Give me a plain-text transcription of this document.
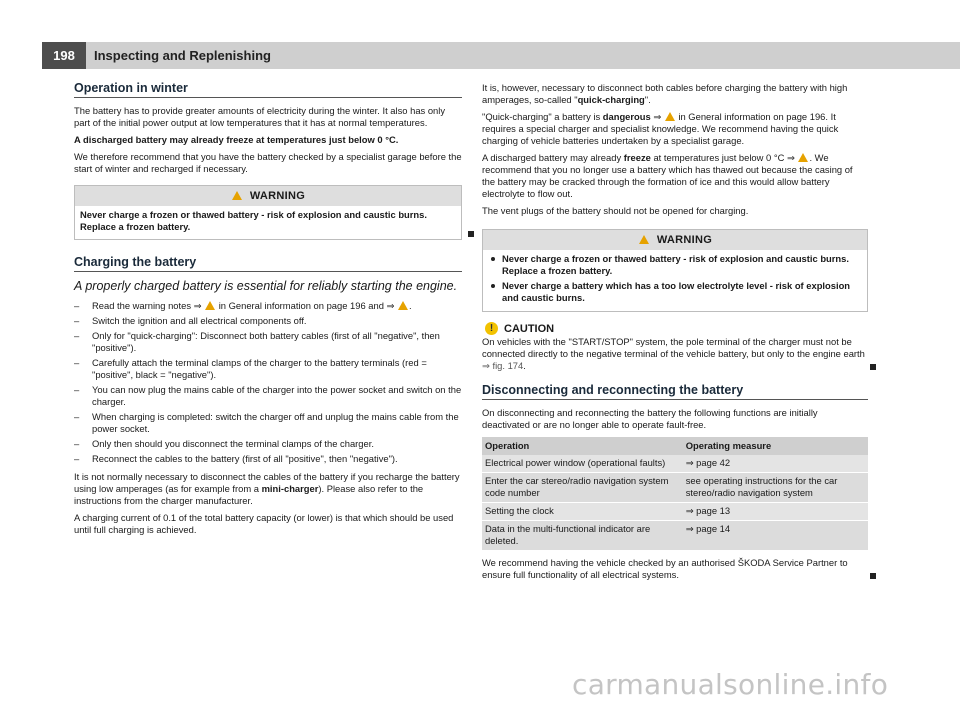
198	Inspecting and Replenishing
Operation in winter

The battery has to provide greater amounts of electricity during the winter. It also has only part of the initial power output at low temperatures that it has at normal temperatures.

A discharged battery may already freeze at temperatures just below 0 °C.

We therefore recommend that you have the battery checked by a specialist garage before the start of winter and recharged if necessary.

WARNING

Never charge a frozen or thawed battery - risk of explosion and caustic burns. Replace a frozen battery.

Charging the battery

A properly charged battery is essential for reliably starting the engine.

– Read the warning notes ⇒ in General information on page 196 and ⇒ .
– Switch the ignition and all electrical components off.
– Only for "quick-charging": Disconnect both battery cables (first of all "negative", then "positive").
– Carefully attach the terminal clamps of the charger to the battery terminals (red = "positive", black = "negative").
– You can now plug the mains cable of the charger into the power socket and switch on the charger.
– When charging is completed: switch the charger off and unplug the mains cable from the power socket.
– Only then should you disconnect the terminal clamps of the charger.
– Reconnect the cables to the battery (first of all "positive", then "negative").

It is not normally necessary to disconnect the cables of the battery if you recharge the battery using low amperages (as for example from a mini-charger). Please also refer to the instructions from the charger manufacturer.

A charging current of 0.1 of the total battery capacity (or lower) is that which should be used until full charging is achieved.

It is, however, necessary to disconnect both cables before charging the battery with high amperages, so-called "quick-charging".

"Quick-charging" a battery is dangerous ⇒ in General information on page 196. It requires a special charger and specialist knowledge. We recommend having the quick charging of vehicle batteries undertaken by a specialist garage.

A discharged battery may already freeze at temperatures just below 0 °C ⇒ . We recommend that you no longer use a battery which has thawed out because the casing of the battery may be cracked through the formation of ice and this would allow battery electrolyte to flow out.

The vent plugs of the battery should not be opened for charging.

WARNING
Never charge a frozen or thawed battery - risk of explosion and caustic burns. Replace a frozen battery.
Never charge a battery which has a too low electrolyte level - risk of explosion and caustic burns.
! CAUTION

On vehicles with the "START/STOP" system, the pole terminal of the charger must not be connected directly to the negative terminal of the vehicle battery, but only to the engine earth ⇒ fig. 174.

Disconnecting and reconnecting the battery

On disconnecting and reconnecting the battery the following functions are initially deactivated or are no longer able to operate fault-free.

Operation	Operating measure
Electrical power window (operational faults)	⇒ page 42
Enter the car stereo/radio navigation system code number	see operating instructions for the car stereo/radio navigation system
Setting the clock	⇒ page 13
Data in the multi-functional indicator are deleted.	⇒ page 14

We recommend having the vehicle checked by an authorised ŠKODA Service Partner to ensure full functionality of all electrical systems.

carmanualsonline.info
